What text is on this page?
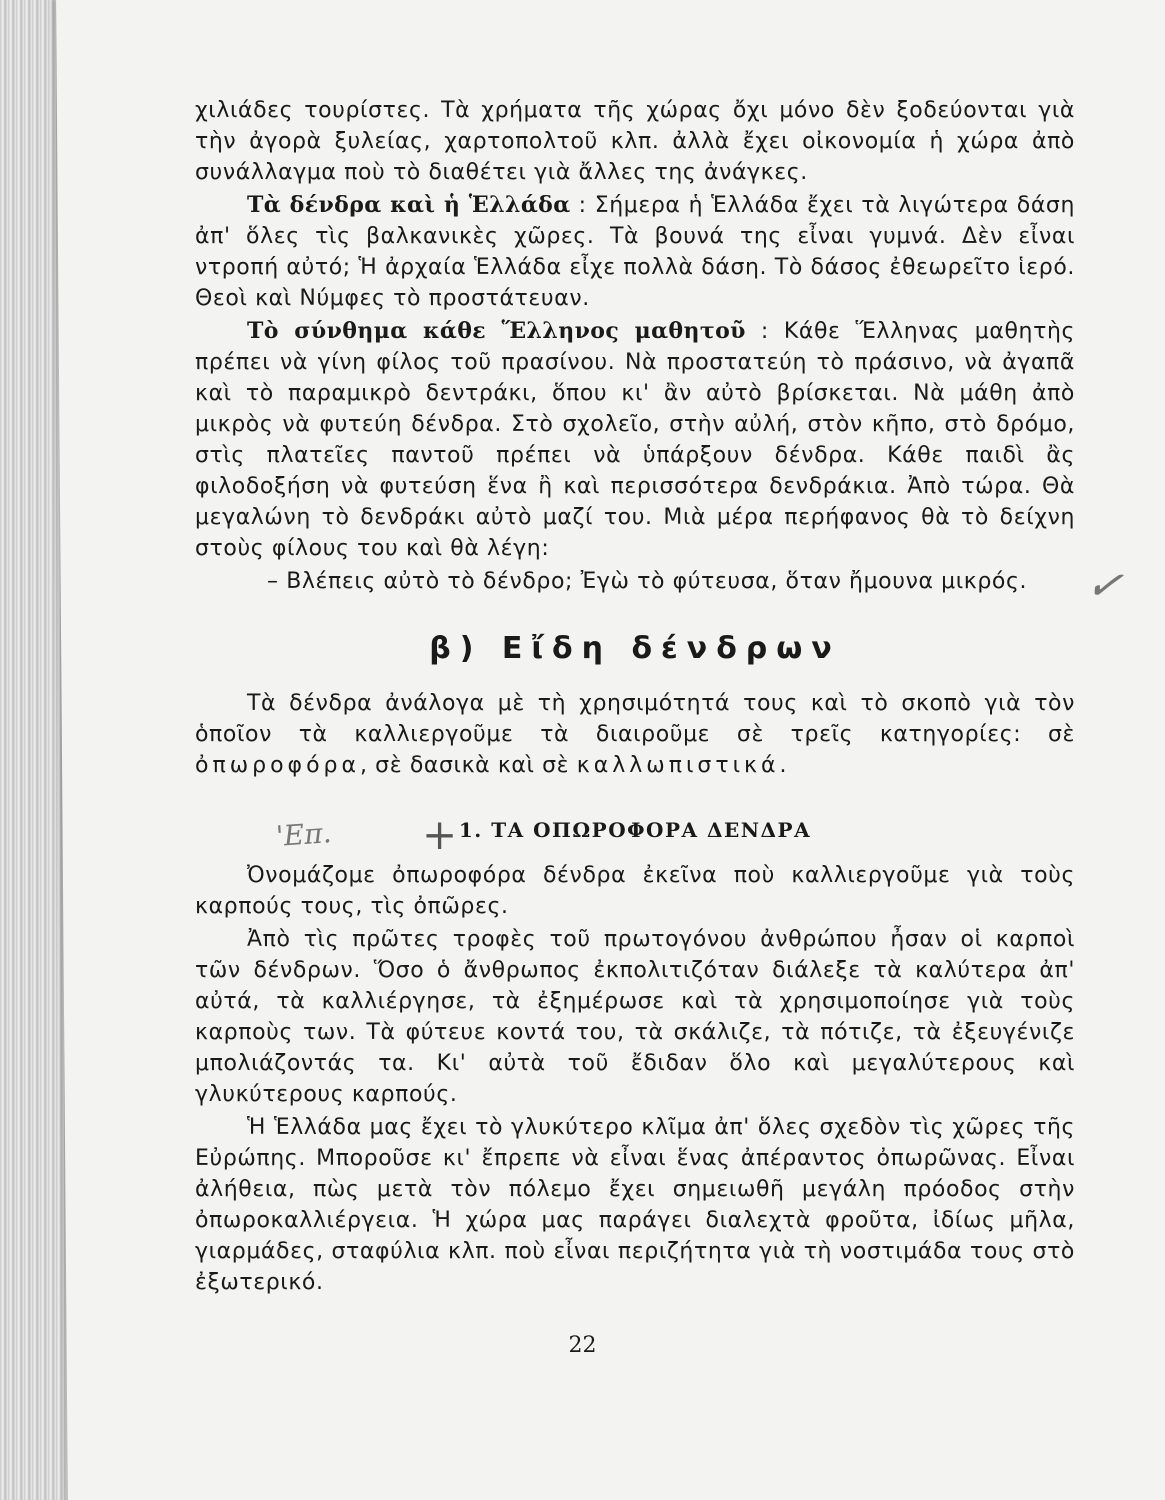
χιλιάδες τουρίστες. Τὰ χρήματα τῆς χώρας ὄχι μόνο δὲν ξοδεύονται γιὰ τὴν ἀγορὰ ξυλείας, χαρτοπολτοῦ κλπ. ἀλλὰ ἔχει οἰκονομία ἡ χώρα ἀπὸ συνάλλαγμα ποὺ τὸ διαθέτει γιὰ ἄλλες της ἀνάγκες.

Τὰ δένδρα καὶ ἡ Ἑλλάδα : Σήμερα ἡ Ἑλλάδα ἔχει τὰ λιγώτερα δάση ἀπ' ὅλες τὶς βαλκανικὲς χῶρες. Τὰ βουνά της εἶναι γυμνά. Δὲν εἶναι ντροπή αὐτό; Ἡ ἀρχαία Ἑλλάδα εἶχε πολλὰ δάση. Τὸ δάσος ἐθεωρεῖτο ἱερό. Θεοὶ καὶ Νύμφες τὸ προστάτευαν.

Τὸ σύνθημα κάθε Ἕλληνος μαθητοῦ : Κάθε Ἕλληνας μαθητὴς πρέπει νὰ γίνη φίλος τοῦ πρασίνου. Νὰ προστατεύη τὸ πράσινο, νὰ ἀγαπᾶ καὶ τὸ παραμικρὸ δεντράκι, ὅπου κι' ἂν αὐτὸ βρίσκεται. Νὰ μάθη ἀπὸ μικρὸς νὰ φυτεύη δένδρα. Στὸ σχολεῖο, στὴν αὐλή, στὸν κῆπο, στὸ δρόμο, στὶς πλατεῖες παντοῦ πρέπει νὰ ὑπάρξουν δένδρα. Κάθε παιδὶ ἂς φιλοδοξήση νὰ φυτεύση ἕνα ἢ καὶ περισσότερα δενδράκια. Ἀπὸ τώρα. Θὰ μεγαλώνη τὸ δενδράκι αὐτὸ μαζί του. Μιὰ μέρα περήφανος θὰ τὸ δείχνη στοὺς φίλους του καὶ θὰ λέγη:

– Βλέπεις αὐτὸ τὸ δένδρο; Ἐγὼ τὸ φύτευσα, ὅταν ἤμουνα μικρός.

β) Εἴδη δένδρων

Τὰ δένδρα ἀνάλογα μὲ τὴ χρησιμότητά τους καὶ τὸ σκοπὸ γιὰ τὸν ὁποῖον τὰ καλλιεργοῦμε τὰ διαιροῦμε σὲ τρεῖς κατηγορίες: σὲ ὀπωροφόρα, σὲ δασικὰ καὶ σὲ καλλωπιστικά.

1. ΤΑ ΟΠΩΡΟΦΟΡΑ ΔΕΝΔΡΑ

Ὀνομάζομε ὀπωροφόρα δένδρα ἐκεῖνα ποὺ καλλιεργοῦμε γιὰ τοὺς καρπούς τους, τὶς ὀπῶρες.

Ἀπὸ τὶς πρῶτες τροφὲς τοῦ πρωτογόνου ἀνθρώπου ἦσαν οἱ καρποὶ τῶν δένδρων. Ὅσο ὁ ἄνθρωπος ἐκπολιτιζόταν διάλεξε τὰ καλύτερα ἀπ' αὐτά, τὰ καλλιέργησε, τὰ ἐξημέρωσε καὶ τὰ χρησιμοποίησε γιὰ τοὺς καρποὺς των. Τὰ φύτευε κοντά του, τὰ σκάλιζε, τὰ πότιζε, τὰ ἐξευγένιζε μπολιάζοντάς τα. Κι' αὐτὰ τοῦ ἔδιδαν ὅλο καὶ μεγαλύτερους καὶ γλυκύτερους καρπούς.

Ἡ Ἑλλάδα μας ἔχει τὸ γλυκύτερο κλῖμα ἀπ' ὅλες σχεδὸν τὶς χῶρες τῆς Εὐρώπης. Μποροῦσε κι' ἔπρεπε νὰ εἶναι ἕνας ἀπέραντος ὀπωρῶνας. Εἶναι ἀλήθεια, πὼς μετὰ τὸν πόλεμο ἔχει σημειωθῆ μεγάλη πρόοδος στὴν ὀπωροκαλλιέργεια. Ἡ χώρα μας παράγει διαλεχτὰ φροῦτα, ἰδίως μῆλα, γιαρμάδες, σταφύλια κλπ. ποὺ εἶναι περιζήτητα γιὰ τὴ νοστιμάδα τους στὸ ἐξωτερικό.

✓
'Επ. +
22
